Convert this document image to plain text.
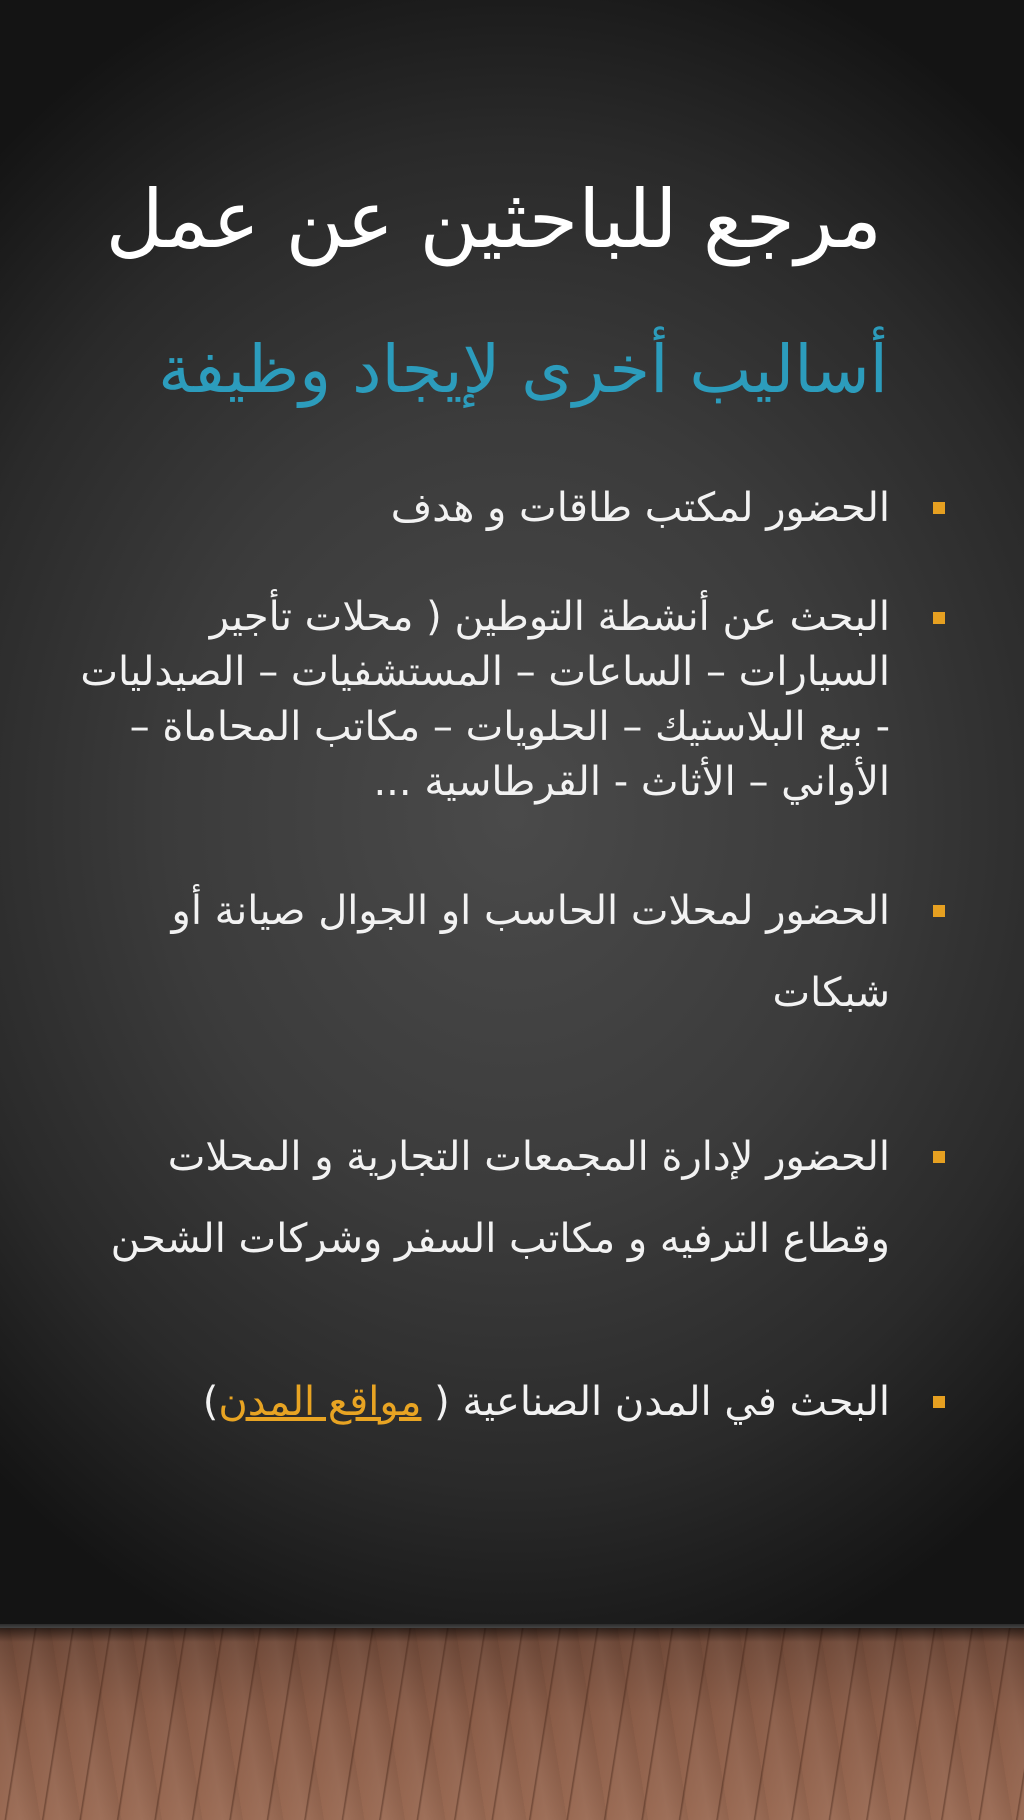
مرجع للباحثين عن عمل
أساليب أخرى لإيجاد وظيفة
الحضور لمكتب طاقات و هدف
البحث عن أنشطة التوطين ( محلات تأجير السيارات – الساعات – المستشفيات – الصيدليات - بيع البلاستيك – الحلويات – مكاتب المحاماة – الأواني – الأثاث - القرطاسية ...
الحضور لمحلات الحاسب او الجوال صيانة أو شبكات
الحضور لإدارة المجمعات التجارية و المحلات وقطاع الترفيه و مكاتب السفر وشركات الشحن
البحث في المدن الصناعية ( مواقع المدن)
